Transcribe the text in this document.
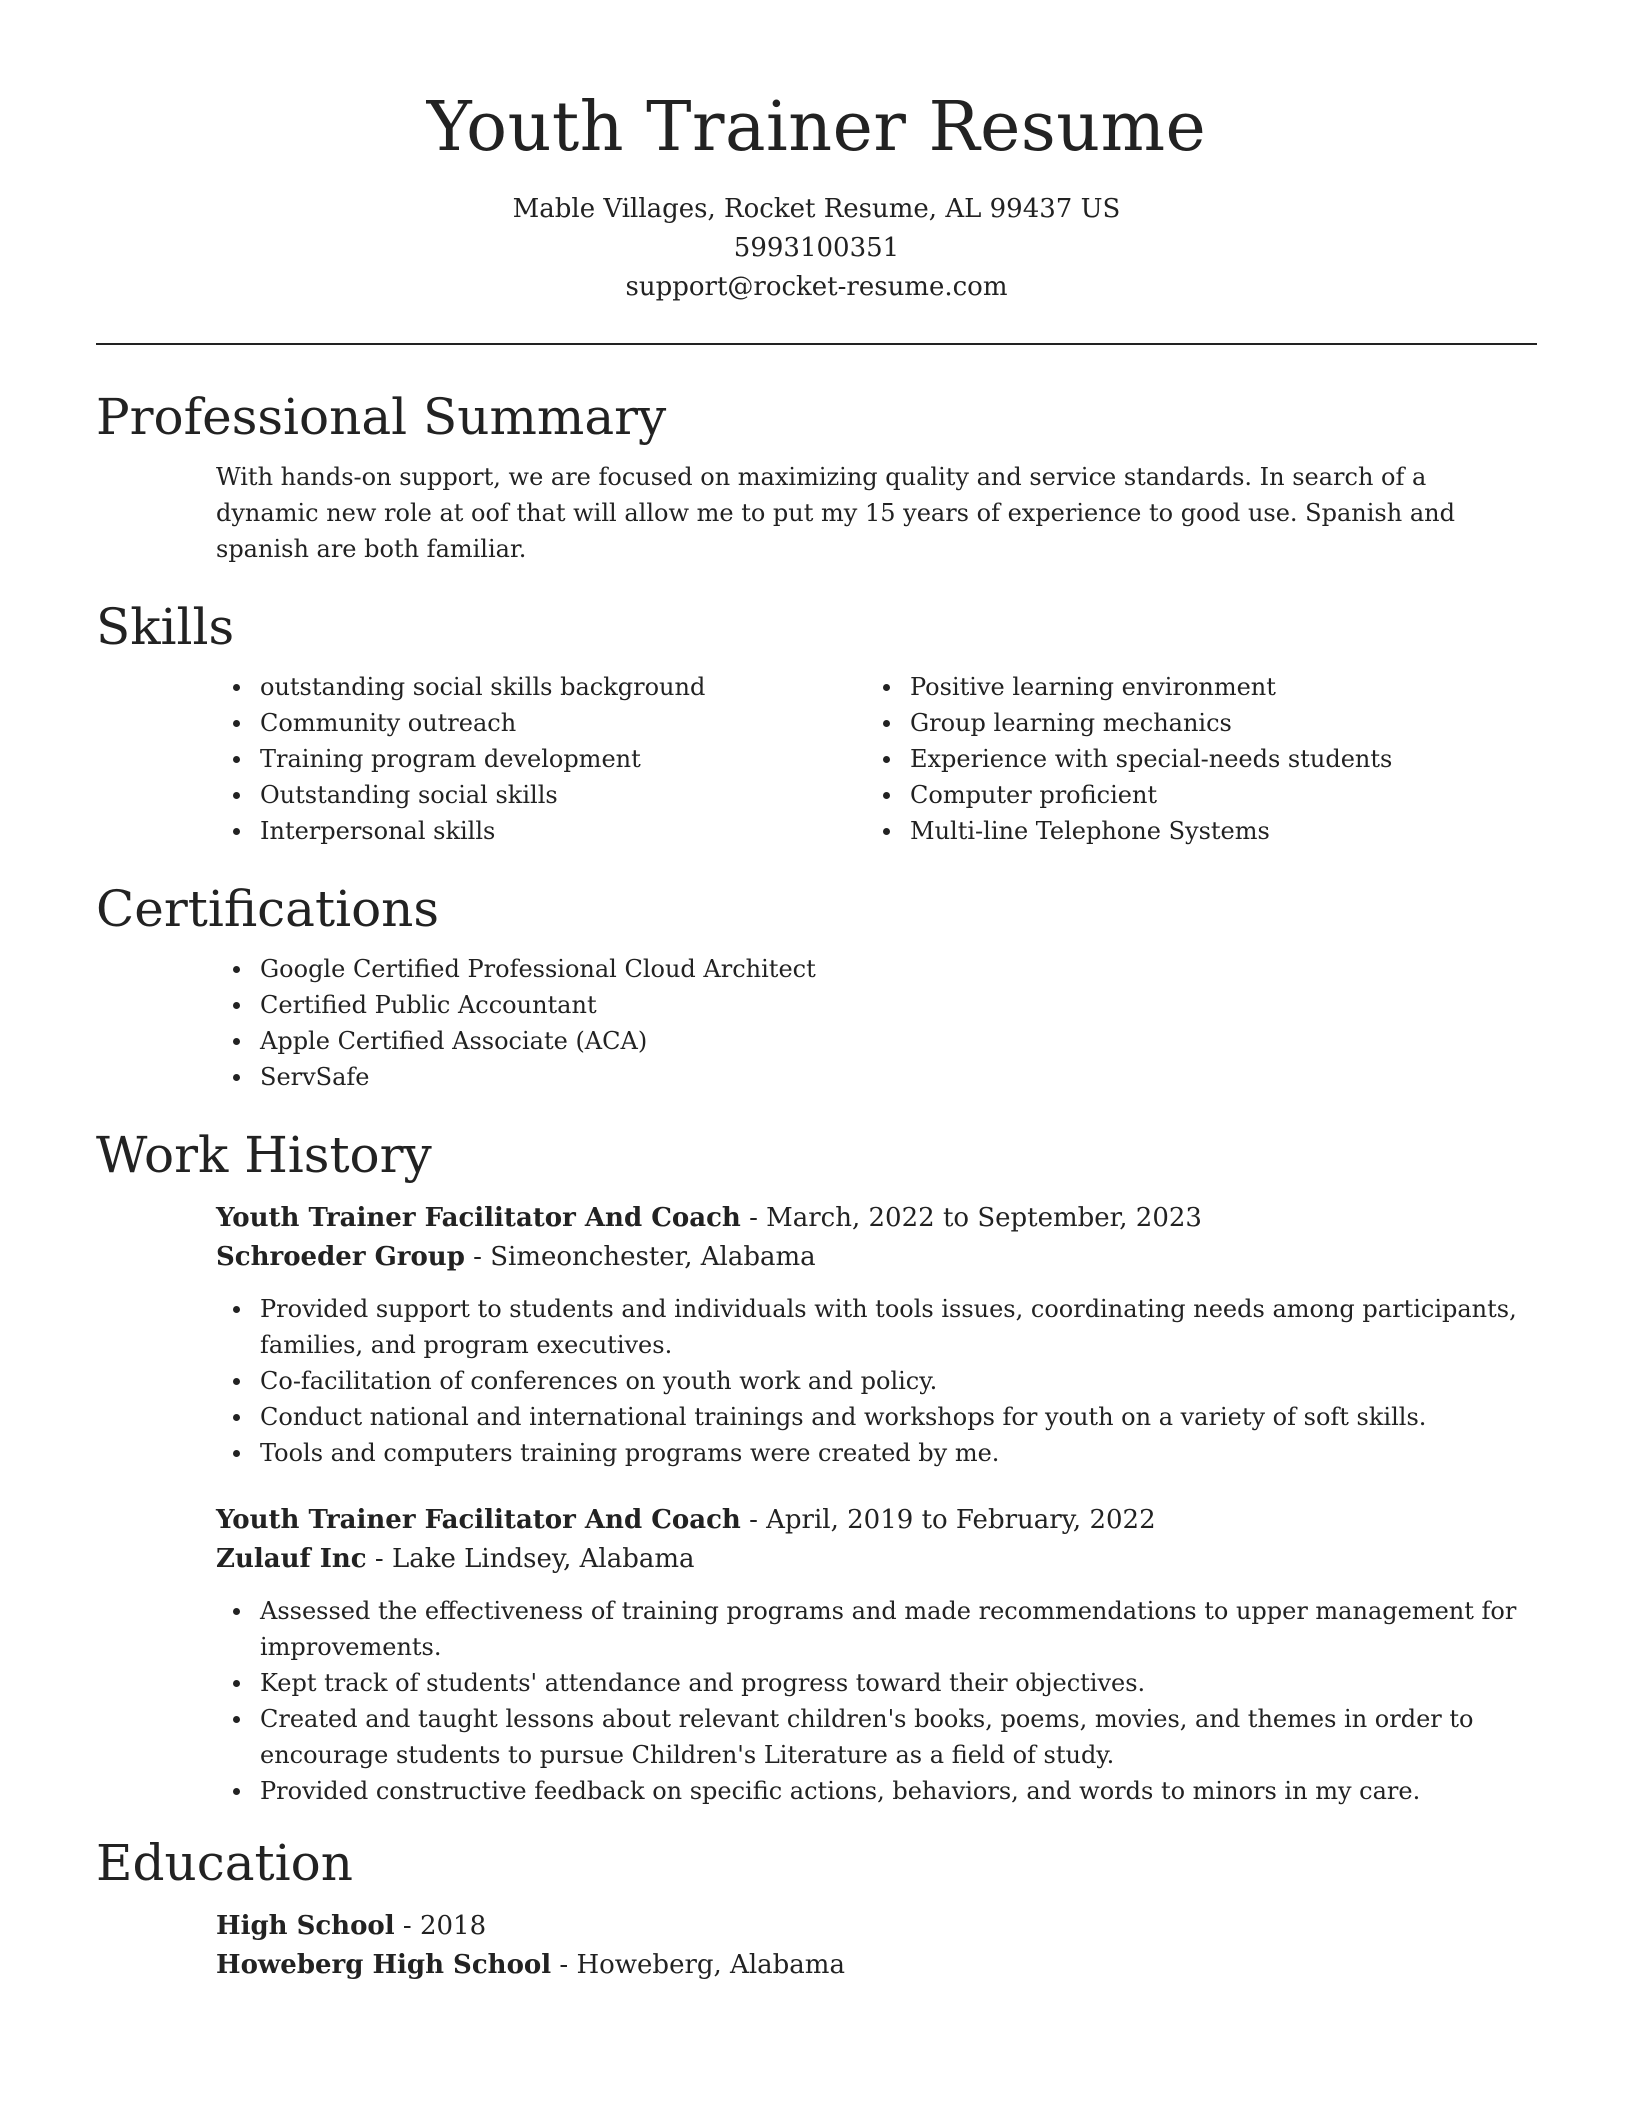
Youth Trainer Resume
Mable Villages, Rocket Resume, AL 99437 US
5993100351
support@rocket-resume.com
Professional Summary

With hands-on support, we are focused on maximizing quality and service standards. In search of a dynamic new role at oof that will allow me to put my 15 years of experience to good use. Spanish and spanish are both familiar.

Skills
outstanding social skills background
Community outreach
Training program development
Outstanding social skills
Interpersonal skills
Positive learning environment
Group learning mechanics
Experience with special-needs students
Computer proficient
Multi-line Telephone Systems
Certifications
Google Certified Professional Cloud Architect
Certified Public Accountant
Apple Certified Associate (ACA)
ServSafe
Work History
Youth Trainer Facilitator And Coach - March, 2022 to September, 2023
Schroeder Group - Simeonchester, Alabama
Provided support to students and individuals with tools issues, coordinating needs among participants, families, and program executives.
Co-facilitation of conferences on youth work and policy.
Conduct national and international trainings and workshops for youth on a variety of soft skills.
Tools and computers training programs were created by me.
Youth Trainer Facilitator And Coach - April, 2019 to February, 2022
Zulauf Inc - Lake Lindsey, Alabama
Assessed the effectiveness of training programs and made recommendations to upper management for improvements.
Kept track of students' attendance and progress toward their objectives.
Created and taught lessons about relevant children's books, poems, movies, and themes in order to encourage students to pursue Children's Literature as a field of study.
Provided constructive feedback on specific actions, behaviors, and words to minors in my care.
Education
High School - 2018
Howeberg High School - Howeberg, Alabama
